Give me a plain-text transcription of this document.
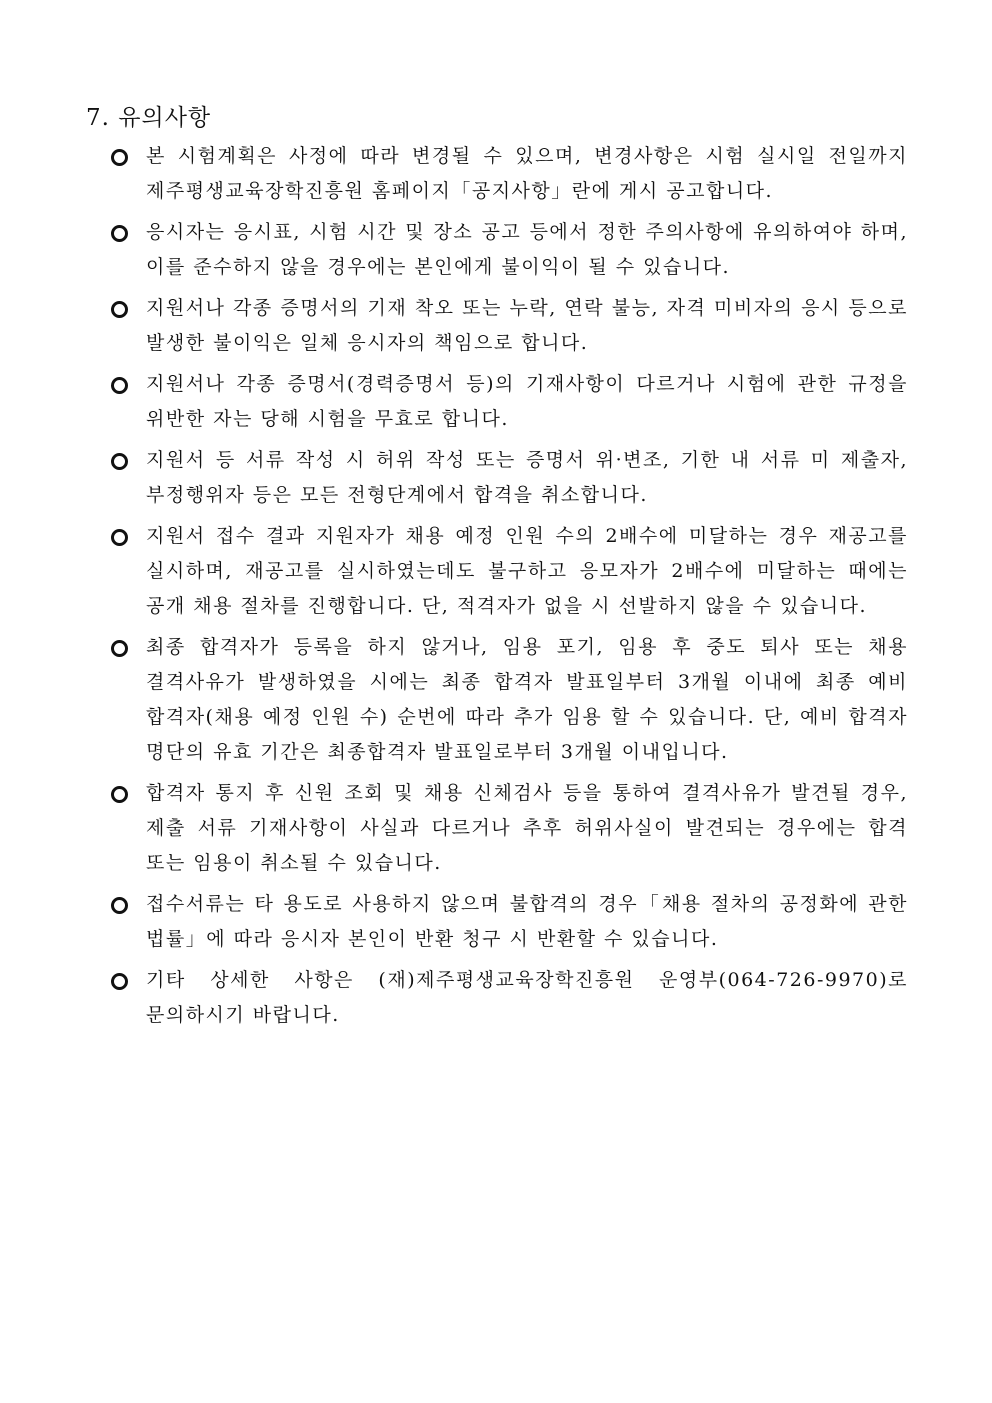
7. 유의사항
본 시험계획은 사정에 따라 변경될 수 있으며, 변경사항은 시험 실시일 전일까지 제주평생교육장학진흥원 홈페이지「공지사항」란에 게시 공고합니다.
응시자는 응시표, 시험 시간 및 장소 공고 등에서 정한 주의사항에 유의하여야 하며, 이를 준수하지 않을 경우에는 본인에게 불이익이 될 수 있습니다.
지원서나 각종 증명서의 기재 착오 또는 누락, 연락 불능, 자격 미비자의 응시 등으로 발생한 불이익은 일체 응시자의 책임으로 합니다.
지원서나 각종 증명서(경력증명서 등)의 기재사항이 다르거나 시험에 관한 규정을 위반한 자는 당해 시험을 무효로 합니다.
지원서 등 서류 작성 시 허위 작성 또는 증명서 위·변조, 기한 내 서류 미 제출자, 부정행위자 등은 모든 전형단계에서 합격을 취소합니다.
지원서 접수 결과 지원자가 채용 예정 인원 수의 2배수에 미달하는 경우 재공고를 실시하며, 재공고를 실시하였는데도 불구하고 응모자가 2배수에 미달하는 때에는 공개 채용 절차를 진행합니다. 단, 적격자가 없을 시 선발하지 않을 수 있습니다.
최종 합격자가 등록을 하지 않거나, 임용 포기, 임용 후 중도 퇴사 또는 채용 결격사유가 발생하였을 시에는 최종 합격자 발표일부터 3개월 이내에 최종 예비 합격자(채용 예정 인원 수) 순번에 따라 추가 임용 할 수 있습니다. 단, 예비 합격자 명단의 유효 기간은 최종합격자 발표일로부터 3개월 이내입니다.
합격자 통지 후 신원 조회 및 채용 신체검사 등을 통하여 결격사유가 발견될 경우, 제출 서류 기재사항이 사실과 다르거나 추후 허위사실이 발견되는 경우에는 합격 또는 임용이 취소될 수 있습니다.
접수서류는 타 용도로 사용하지 않으며 불합격의 경우「채용 절차의 공정화에 관한 법률」에 따라 응시자 본인이 반환 청구 시 반환할 수 있습니다.
기타 상세한 사항은 (재)제주평생교육장학진흥원 운영부(064-726-9970)로 문의하시기 바랍니다.
